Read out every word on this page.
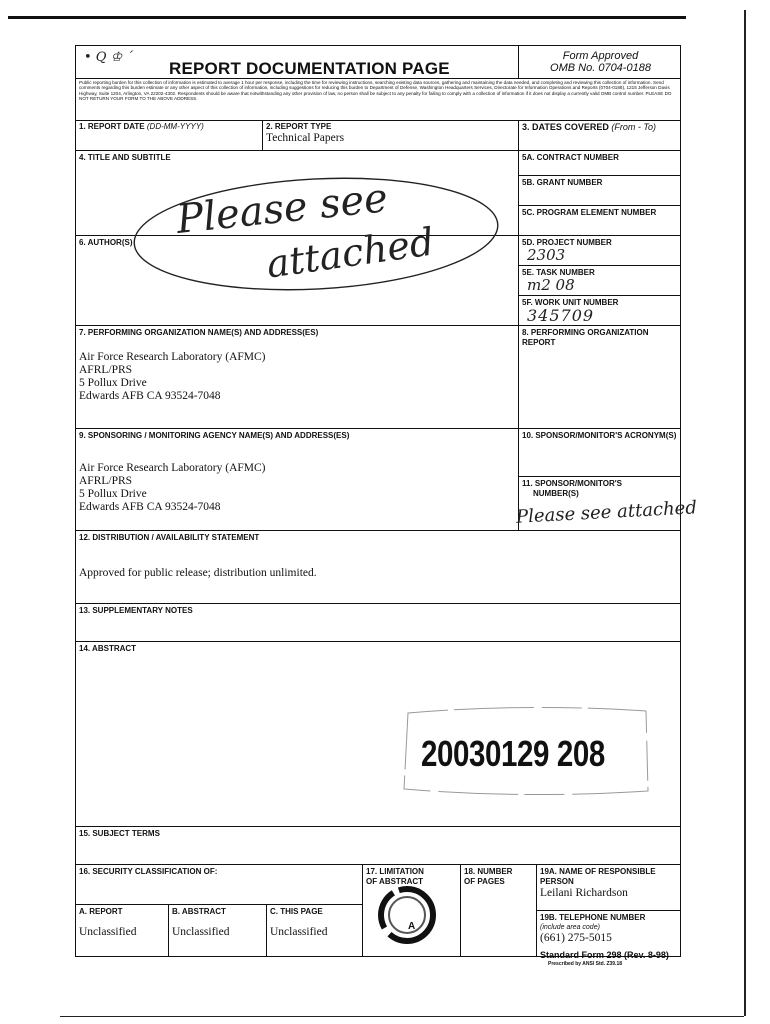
• Q ♔ ˊ
REPORT DOCUMENTATION PAGE
Form Approved
OMB No. 0704-0188
Public reporting burden for this collection of information is estimated to average 1 hour per response, including the time for reviewing instructions, searching existing data sources, gathering and maintaining the data needed, and completing and reviewing this collection of information. Send comments regarding this burden estimate or any other aspect of this collection of information, including suggestions for reducing this burden to Department of Defense, Washington Headquarters Services, Directorate for Information Operations and Reports (0704-0188), 1215 Jefferson Davis Highway, Suite 1204, Arlington, VA 22202-4302. Respondents should be aware that notwithstanding any other provision of law, no person shall be subject to any penalty for failing to comply with a collection of information if it does not display a currently valid OMB control number. PLEASE DO NOT RETURN YOUR FORM TO THE ABOVE ADDRESS.
1. REPORT DATE (DD-MM-YYYY)	2. REPORT TYPE
Technical Papers
3. DATES COVERED (From - To)
4. TITLE AND SUBTITLE
6. AUTHOR(S)
5A. CONTRACT NUMBER
5B. GRANT NUMBER
5C. PROGRAM ELEMENT NUMBER
5D. PROJECT NUMBER
2303
5E. TASK NUMBER
m2 08
5F. WORK UNIT NUMBER
345709
Please see
attached
7. PERFORMING ORGANIZATION NAME(S) AND ADDRESS(ES)
Air Force Research Laboratory (AFMC)
AFRL/PRS
5 Pollux Drive
Edwards AFB CA 93524-7048
8. PERFORMING ORGANIZATION REPORT
9. SPONSORING / MONITORING AGENCY NAME(S) AND ADDRESS(ES)
Air Force Research Laboratory (AFMC)
AFRL/PRS
5 Pollux Drive
Edwards AFB CA 93524-7048
10. SPONSOR/MONITOR'S ACRONYM(S)
11. SPONSOR/MONITOR'S
NUMBER(S)
Please see attached
12. DISTRIBUTION / AVAILABILITY STATEMENT
Approved for public release; distribution unlimited.
13. SUPPLEMENTARY NOTES
14. ABSTRACT
20030129 208
15. SUBJECT TERMS
16. SECURITY CLASSIFICATION OF:	17. LIMITATION
OF ABSTRACT
A
18. NUMBER
OF PAGES
19A. NAME OF RESPONSIBLE
PERSON
Leilani Richardson
A. REPORT
Unclassified
B. ABSTRACT
Unclassified
C. THIS PAGE
Unclassified
19B. TELEPHONE NUMBER
(include area code)
(661) 275-5015
Standard Form 298 (Rev. 8-98)
Prescribed by ANSI Std. Z39.18
